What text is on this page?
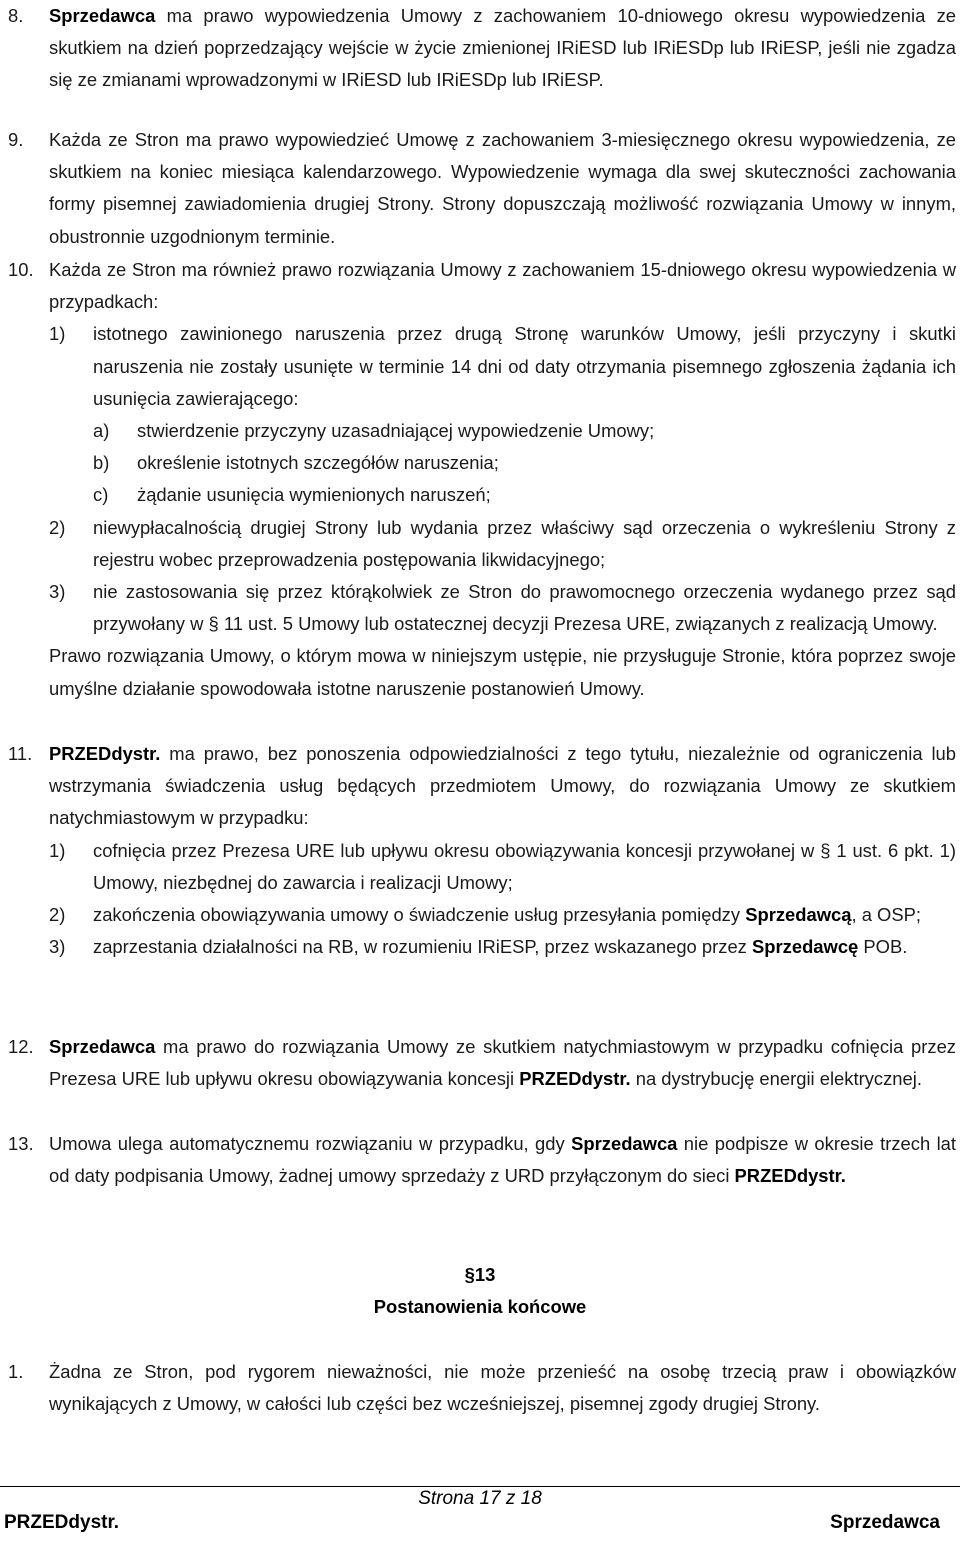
8. Sprzedawca ma prawo wypowiedzenia Umowy z zachowaniem 10-dniowego okresu wypowiedzenia ze skutkiem na dzień poprzedzający wejście w życie zmienionej IRiESD lub IRiESDp lub IRiESP, jeśli nie zgadza się ze zmianami wprowadzonymi w IRiESD lub IRiESDp lub IRiESP.
9. Każda ze Stron ma prawo wypowiedzieć Umowę z zachowaniem 3-miesięcznego okresu wypowiedzenia, ze skutkiem na koniec miesiąca kalendarzowego. Wypowiedzenie wymaga dla swej skuteczności zachowania formy pisemnej zawiadomienia drugiej Strony. Strony dopuszczają możliwość rozwiązania Umowy w innym, obustronnie uzgodnionym terminie.
10. Każda ze Stron ma również prawo rozwiązania Umowy z zachowaniem 15-dniowego okresu wypowiedzenia w przypadkach:
1) istotnego zawinionego naruszenia przez drugą Stronę warunków Umowy, jeśli przyczyny i skutki naruszenia nie zostały usunięte w terminie 14 dni od daty otrzymania pisemnego zgłoszenia żądania ich usunięcia zawierającego:
a) stwierdzenie przyczyny uzasadniającej wypowiedzenie Umowy;
b) określenie istotnych szczegółów naruszenia;
c) żądanie usunięcia wymienionych naruszeń;
2) niewypłacalnością drugiej Strony lub wydania przez właściwy sąd orzeczenia o wykreśleniu Strony z rejestru wobec przeprowadzenia postępowania likwidacyjnego;
3) nie zastosowania się przez którąkolwiek ze Stron do prawomocnego orzeczenia wydanego przez sąd przywołany w § 11 ust. 5 Umowy lub ostatecznej decyzji Prezesa URE, związanych z realizacją Umowy.
Prawo rozwiązania Umowy, o którym mowa w niniejszym ustępie, nie przysługuje Stronie, która poprzez swoje umyślne działanie spowodowała istotne naruszenie postanowień Umowy.
11. PRZEDdystr. ma prawo, bez ponoszenia odpowiedzialności z tego tytułu, niezależnie od ograniczenia lub wstrzymania świadczenia usług będących przedmiotem Umowy, do rozwiązania Umowy ze skutkiem natychmiastowym w przypadku:
1) cofnięcia przez Prezesa URE lub upływu okresu obowiązywania koncesji przywołanej w § 1 ust. 6 pkt. 1) Umowy, niezbędnej do zawarcia i realizacji Umowy;
2) zakończenia obowiązywania umowy o świadczenie usług przesyłania pomiędzy Sprzedawcą, a OSP;
3) zaprzestania działalności na RB, w rozumieniu IRiESP, przez wskazanego przez Sprzedawcę POB.
12. Sprzedawca ma prawo do rozwiązania Umowy ze skutkiem natychmiastowym w przypadku cofnięcia przez Prezesa URE lub upływu okresu obowiązywania koncesji PRZEDdystr. na dystrybucję energii elektrycznej.
13. Umowa ulega automatycznemu rozwiązaniu w przypadku, gdy Sprzedawca nie podpisze w okresie trzech lat od daty podpisania Umowy, żadnej umowy sprzedaży z URD przyłączonym do sieci PRZEDdystr.
§13
Postanowienia końcowe
1. Żadna ze Stron, pod rygorem nieważności, nie może przenieść na osobę trzecią praw i obowiązków wynikających z Umowy, w całości lub części bez wcześniejszej, pisemnej zgody drugiej Strony.
Strona 17 z 18
PRZEDdystr.	Sprzedawca
